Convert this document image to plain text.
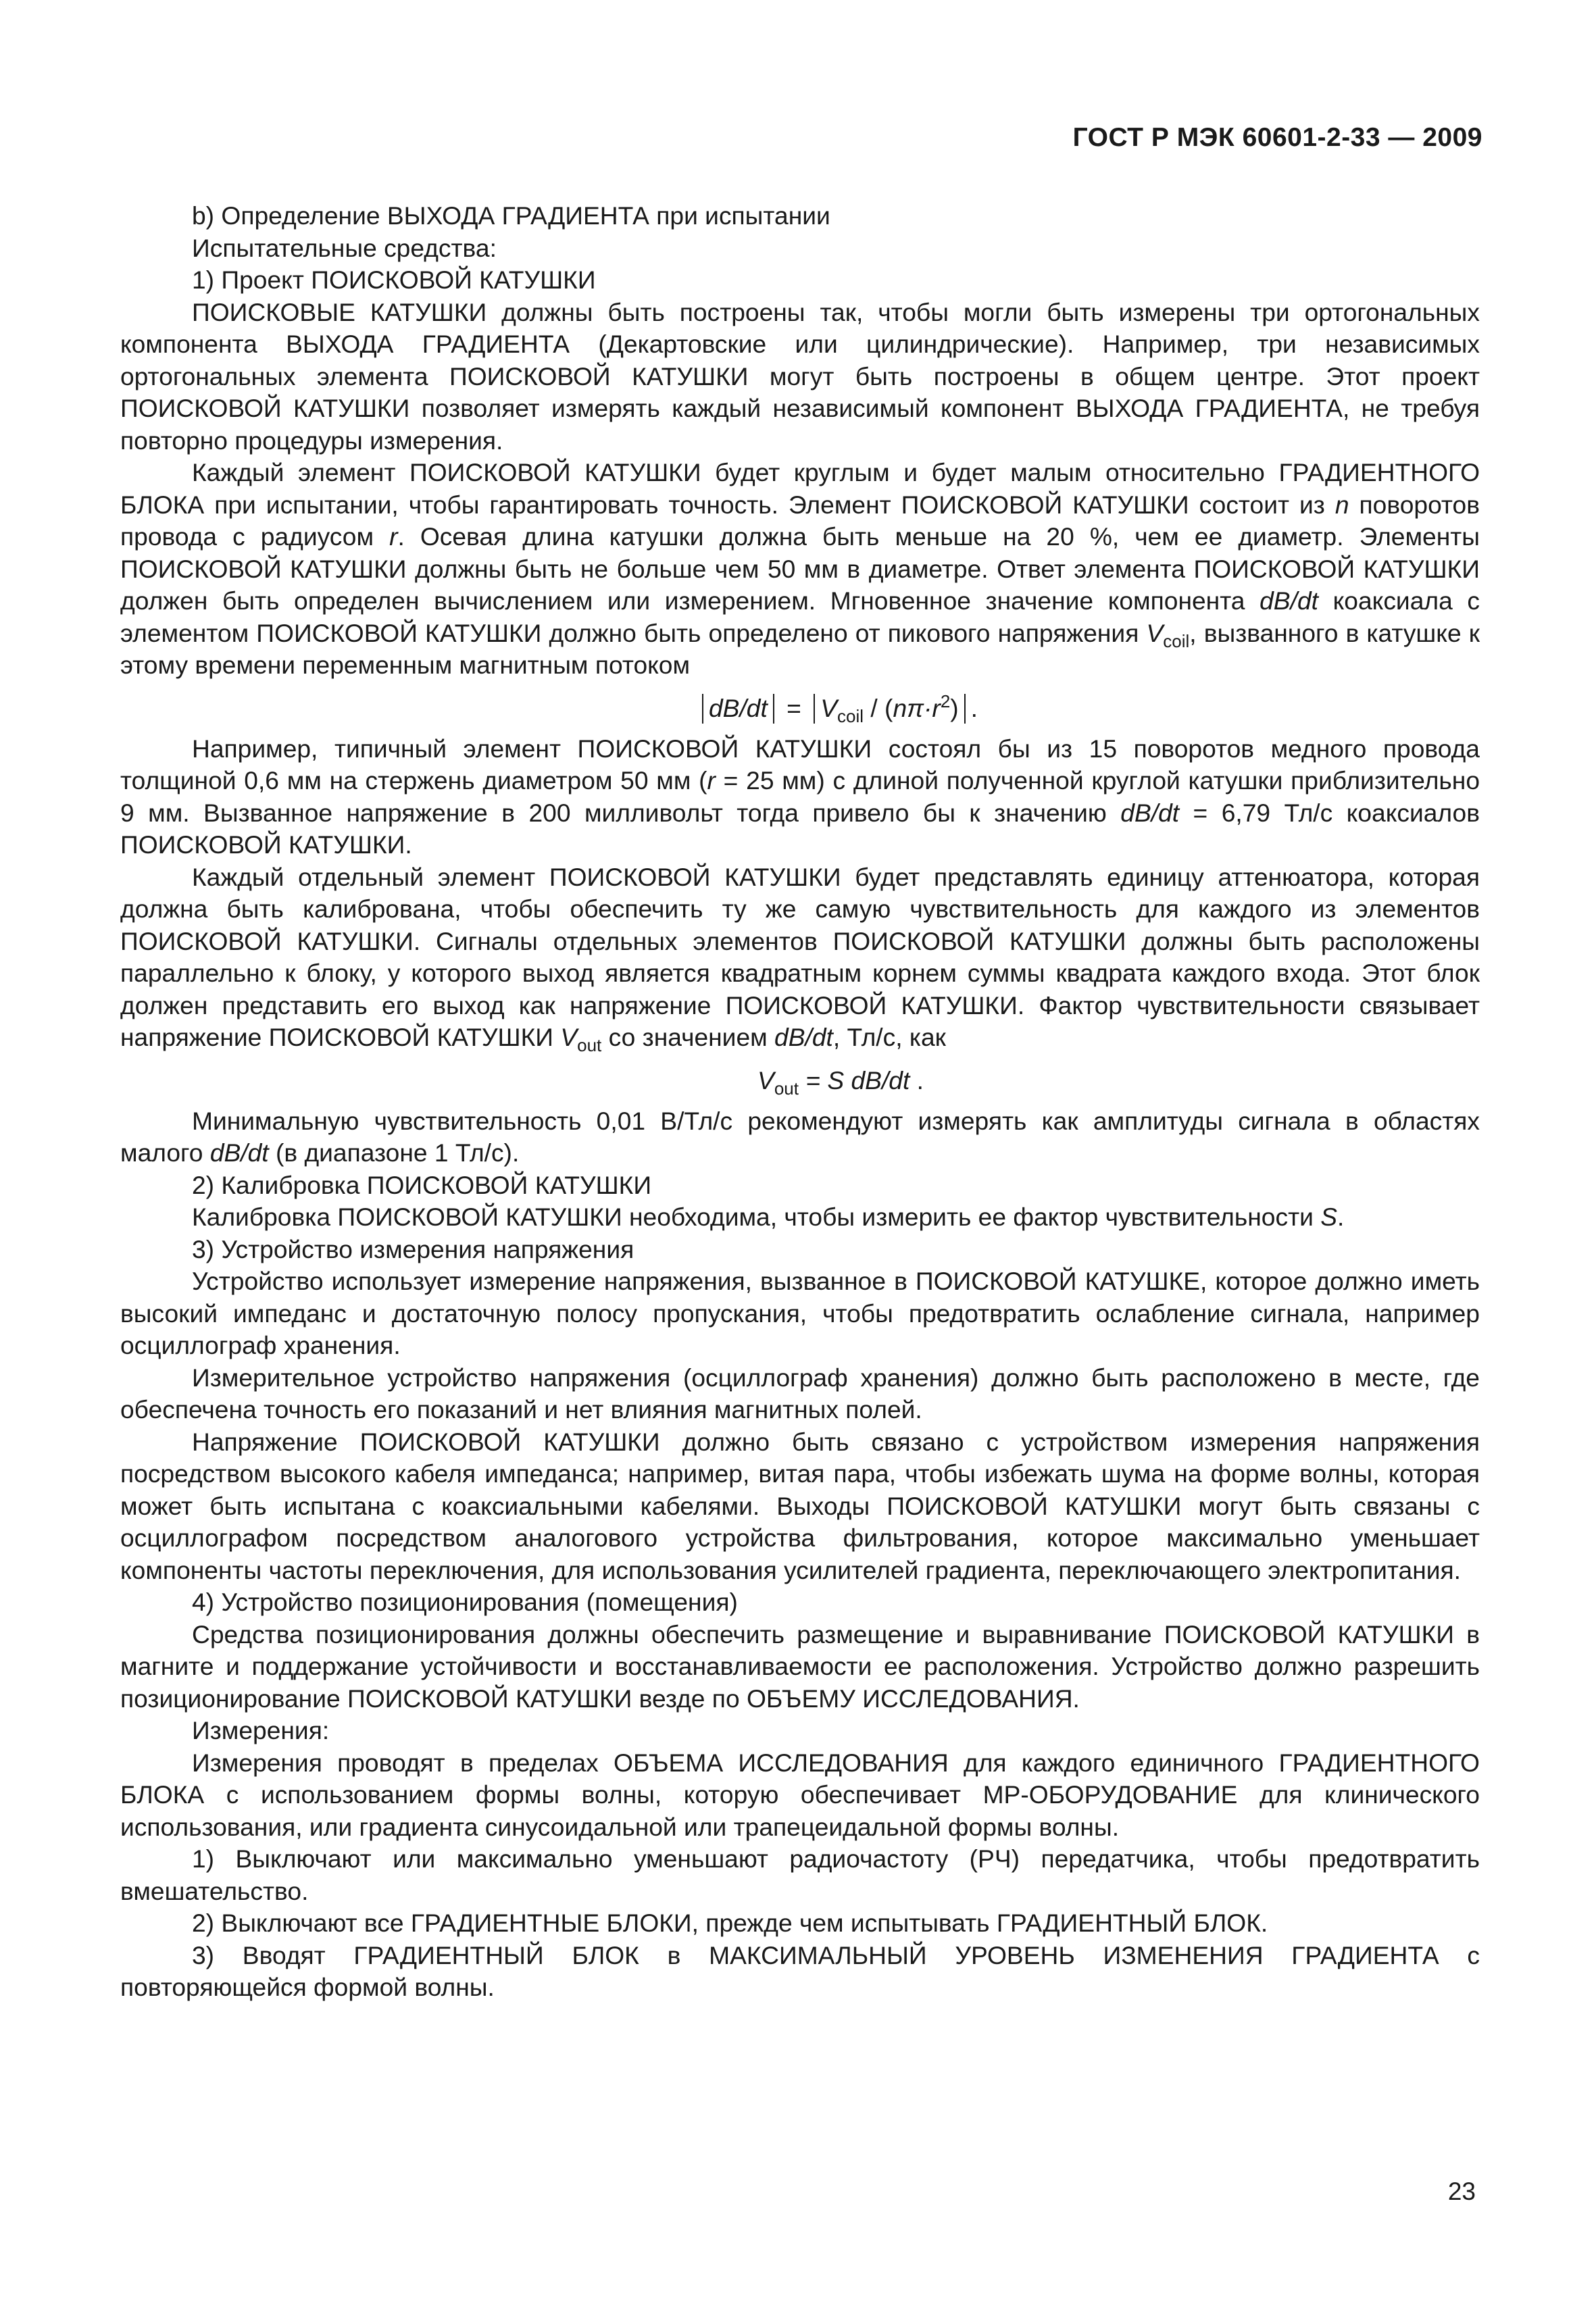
ГОСТ Р МЭК 60601-2-33 — 2009

b) Определение ВЫХОДА ГРАДИЕНТА при испытании

Испытательные средства:

1) Проект ПОИСКОВОЙ КАТУШКИ

ПОИСКОВЫЕ КАТУШКИ должны быть построены так, чтобы могли быть измерены три ортогональных компонента ВЫХОДА ГРАДИЕНТА (Декартовские или цилиндрические). Например, три независимых ортогональных элемента ПОИСКОВОЙ КАТУШКИ могут быть построены в общем центре. Этот проект ПОИСКОВОЙ КАТУШКИ позволяет измерять каждый независимый компонент ВЫХОДА ГРАДИЕНТА, не требуя повторно процедуры измерения.

Каждый элемент ПОИСКОВОЙ КАТУШКИ будет круглым и будет малым относительно ГРАДИЕНТНОГО БЛОКА при испытании, чтобы гарантировать точность. Элемент ПОИСКОВОЙ КАТУШКИ состоит из n поворотов провода с радиусом r. Осевая длина катушки должна быть меньше на 20 %, чем ее диаметр. Элементы ПОИСКОВОЙ КАТУШКИ должны быть не больше чем 50 мм в диаметре. Ответ элемента ПОИСКОВОЙ КАТУШКИ должен быть определен вычислением или измерением. Мгновенное значение компонента dB/dt коаксиала с элементом ПОИСКОВОЙ КАТУШКИ должно быть определено от пикового напряжения $V_{coil}$, вызванного в катушке к этому времени переменным магнитным потоком

$dB/dt = V_{coil} / (n\pi\cdot r^2)$ .

Например, типичный элемент ПОИСКОВОЙ КАТУШКИ состоял бы из 15 поворотов медного провода толщиной 0,6 мм на стержень диаметром 50 мм (r = 25 мм) с длиной полученной круглой катушки приблизительно 9 мм. Вызванное напряжение в 200 милливольт тогда привело бы к значению dB/dt = 6,79 Тл/с коаксиалов ПОИСКОВОЙ КАТУШКИ.

Каждый отдельный элемент ПОИСКОВОЙ КАТУШКИ будет представлять единицу аттенюатора, которая должна быть калибрована, чтобы обеспечить ту же самую чувствительность для каждого из элементов ПОИСКОВОЙ КАТУШКИ. Сигналы отдельных элементов ПОИСКОВОЙ КАТУШКИ должны быть расположены параллельно к блоку, у которого выход является квадратным корнем суммы квадрата каждого входа. Этот блок должен представить его выход как напряжение ПОИСКОВОЙ КАТУШКИ. Фактор чувствительности связывает напряжение ПОИСКОВОЙ КАТУШКИ $V_{out}$ со значением dB/dt, Тл/с, как

$V_{out} = S$ dB/dt .

Минимальную чувствительность 0,01 В/Тл/с рекомендуют измерять как амплитуды сигнала в областях малого dB/dt (в диапазоне 1 Тл/с).

2) Калибровка ПОИСКОВОЙ КАТУШКИ

Калибровка ПОИСКОВОЙ КАТУШКИ необходима, чтобы измерить ее фактор чувствительности S.

3) Устройство измерения напряжения

Устройство использует измерение напряжения, вызванное в ПОИСКОВОЙ КАТУШКЕ, которое должно иметь высокий импеданс и достаточную полосу пропускания, чтобы предотвратить ослабление сигнала, например осциллограф хранения.

Измерительное устройство напряжения (осциллограф хранения) должно быть расположено в месте, где обеспечена точность его показаний и нет влияния магнитных полей.

Напряжение ПОИСКОВОЙ КАТУШКИ должно быть связано с устройством измерения напряжения посредством высокого кабеля импеданса; например, витая пара, чтобы избежать шума на форме волны, которая может быть испытана с коаксиальными кабелями. Выходы ПОИСКОВОЙ КАТУШКИ могут быть связаны с осциллографом посредством аналогового устройства фильтрования, которое максимально уменьшает компоненты частоты переключения, для использования усилителей градиента, переключающего электропитания.

4) Устройство позиционирования (помещения)

Средства позиционирования должны обеспечить размещение и выравнивание ПОИСКОВОЙ КАТУШКИ в магните и поддержание устойчивости и восстанавливаемости ее расположения. Устройство должно разрешить позиционирование ПОИСКОВОЙ КАТУШКИ везде по ОБЪЕМУ ИССЛЕДОВАНИЯ.

Измерения:

Измерения проводят в пределах ОБЪЕМА ИССЛЕДОВАНИЯ для каждого единичного ГРАДИЕНТНОГО БЛОКА с использованием формы волны, которую обеспечивает МР-ОБОРУДОВАНИЕ для клинического использования, или градиента синусоидальной или трапецеидальной формы волны.

1) Выключают или максимально уменьшают радиочастоту (РЧ) передатчика, чтобы предотвратить вмешательство.

2) Выключают все ГРАДИЕНТНЫЕ БЛОКИ, прежде чем испытывать ГРАДИЕНТНЫЙ БЛОК.

3) Вводят ГРАДИЕНТНЫЙ БЛОК в МАКСИМАЛЬНЫЙ УРОВЕНЬ ИЗМЕНЕНИЯ ГРАДИЕНТА с повторяющейся формой волны.

23
